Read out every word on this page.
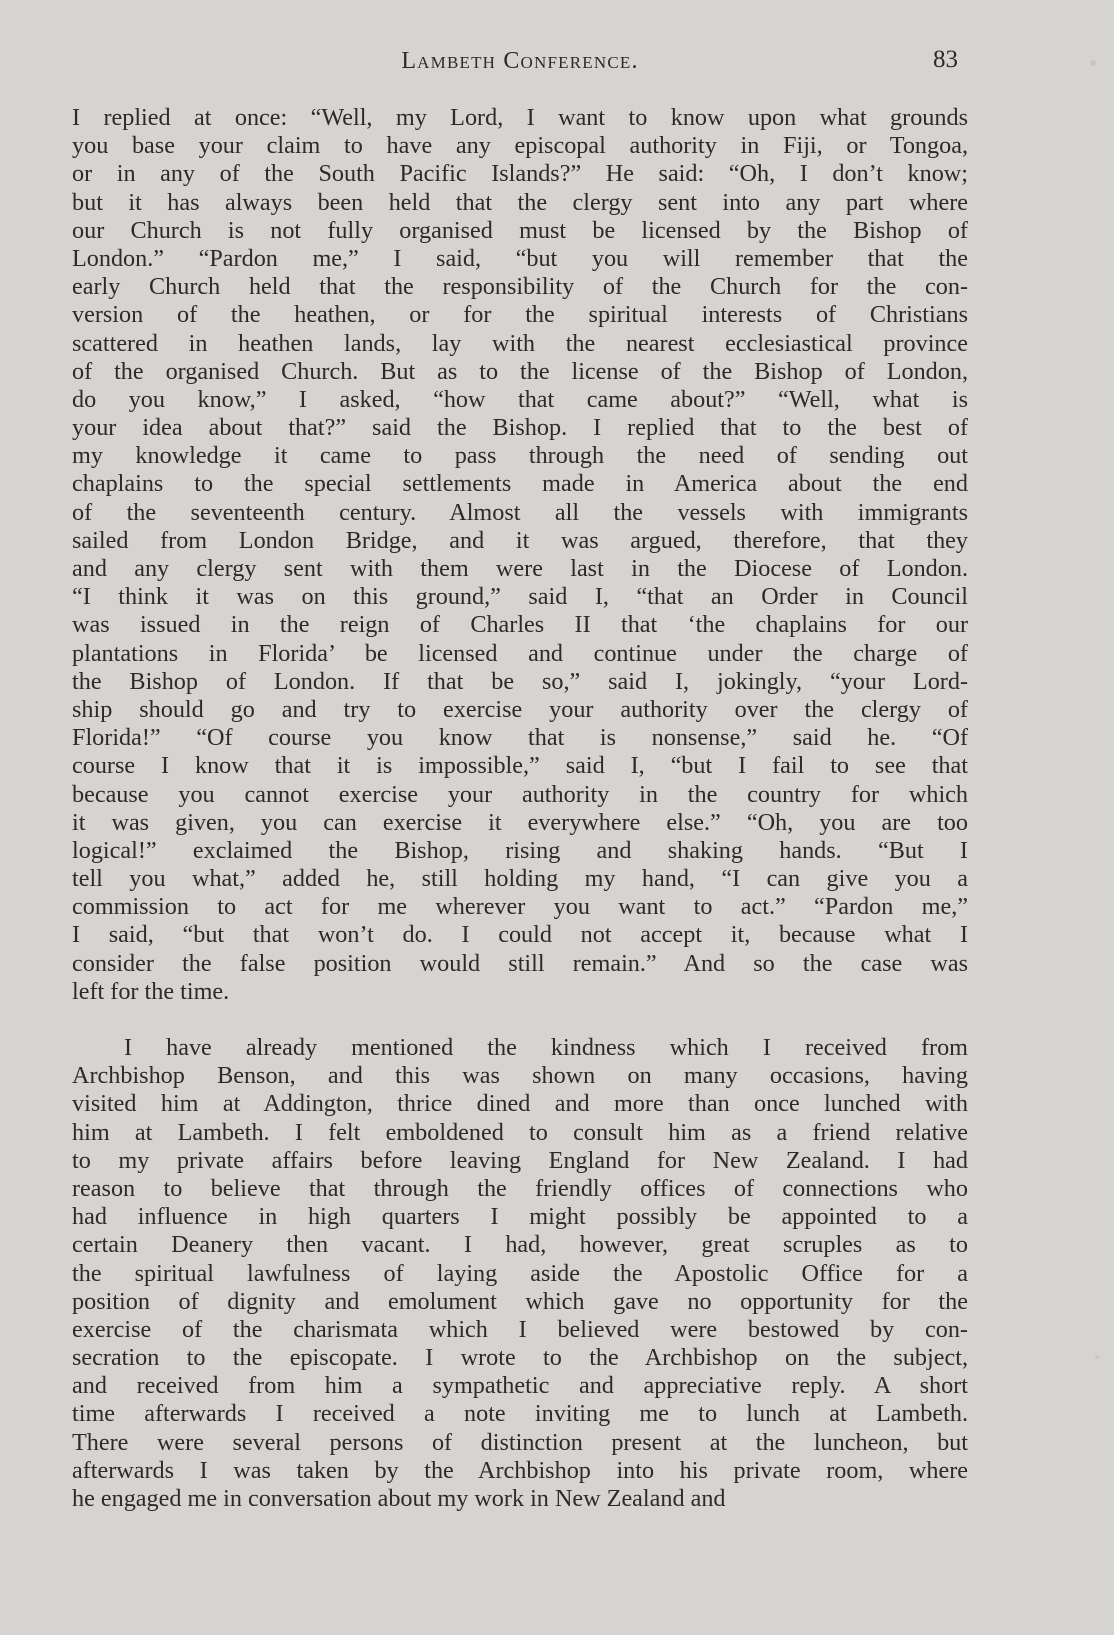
Lambeth Conference.	83
I replied at once: “Well, my Lord, I want to know upon what grounds
you base your claim to have any episcopal authority in Fiji, or Tongoa,
or in any of the South Pacific Islands?” He said: “Oh, I don’t know;
but it has always been held that the clergy sent into any part where
our Church is not fully organised must be licensed by the Bishop of
London.” “Pardon me,” I said, “but you will remember that the
early Church held that the responsibility of the Church for the con-
version of the heathen, or for the spiritual interests of Christians
scattered in heathen lands, lay with the nearest ecclesiastical province
of the organised Church. But as to the license of the Bishop of London,
do you know,” I asked, “how that came about?” “Well, what is
your idea about that?” said the Bishop. I replied that to the best of
my knowledge it came to pass through the need of sending out
chaplains to the special settlements made in America about the end
of the seventeenth century. Almost all the vessels with immigrants
sailed from London Bridge, and it was argued, therefore, that they
and any clergy sent with them were last in the Diocese of London.
“I think it was on this ground,” said I, “that an Order in Council
was issued in the reign of Charles II that ‘the chaplains for our
plantations in Florida’ be licensed and continue under the charge of
the Bishop of London. If that be so,” said I, jokingly, “your Lord-
ship should go and try to exercise your authority over the clergy of
Florida!” “Of course you know that is nonsense,” said he. “Of
course I know that it is impossible,” said I, “but I fail to see that
because you cannot exercise your authority in the country for which
it was given, you can exercise it everywhere else.” “Oh, you are too
logical!” exclaimed the Bishop, rising and shaking hands. “But I
tell you what,” added he, still holding my hand, “I can give you a
commission to act for me wherever you want to act.” “Pardon me,”
I said, “but that won’t do. I could not accept it, because what I
consider the false position would still remain.” And so the case was
left for the time.
I have already mentioned the kindness which I received from
Archbishop Benson, and this was shown on many occasions, having
visited him at Addington, thrice dined and more than once lunched with
him at Lambeth. I felt emboldened to consult him as a friend relative
to my private affairs before leaving England for New Zealand. I had
reason to believe that through the friendly offices of connections who
had influence in high quarters I might possibly be appointed to a
certain Deanery then vacant. I had, however, great scruples as to
the spiritual lawfulness of laying aside the Apostolic Office for a
position of dignity and emolument which gave no opportunity for the
exercise of the charismata which I believed were bestowed by con-
secration to the episcopate. I wrote to the Archbishop on the subject,
and received from him a sympathetic and appreciative reply. A short
time afterwards I received a note inviting me to lunch at Lambeth.
There were several persons of distinction present at the luncheon, but
afterwards I was taken by the Archbishop into his private room, where
he engaged me in conversation about my work in New Zealand and
